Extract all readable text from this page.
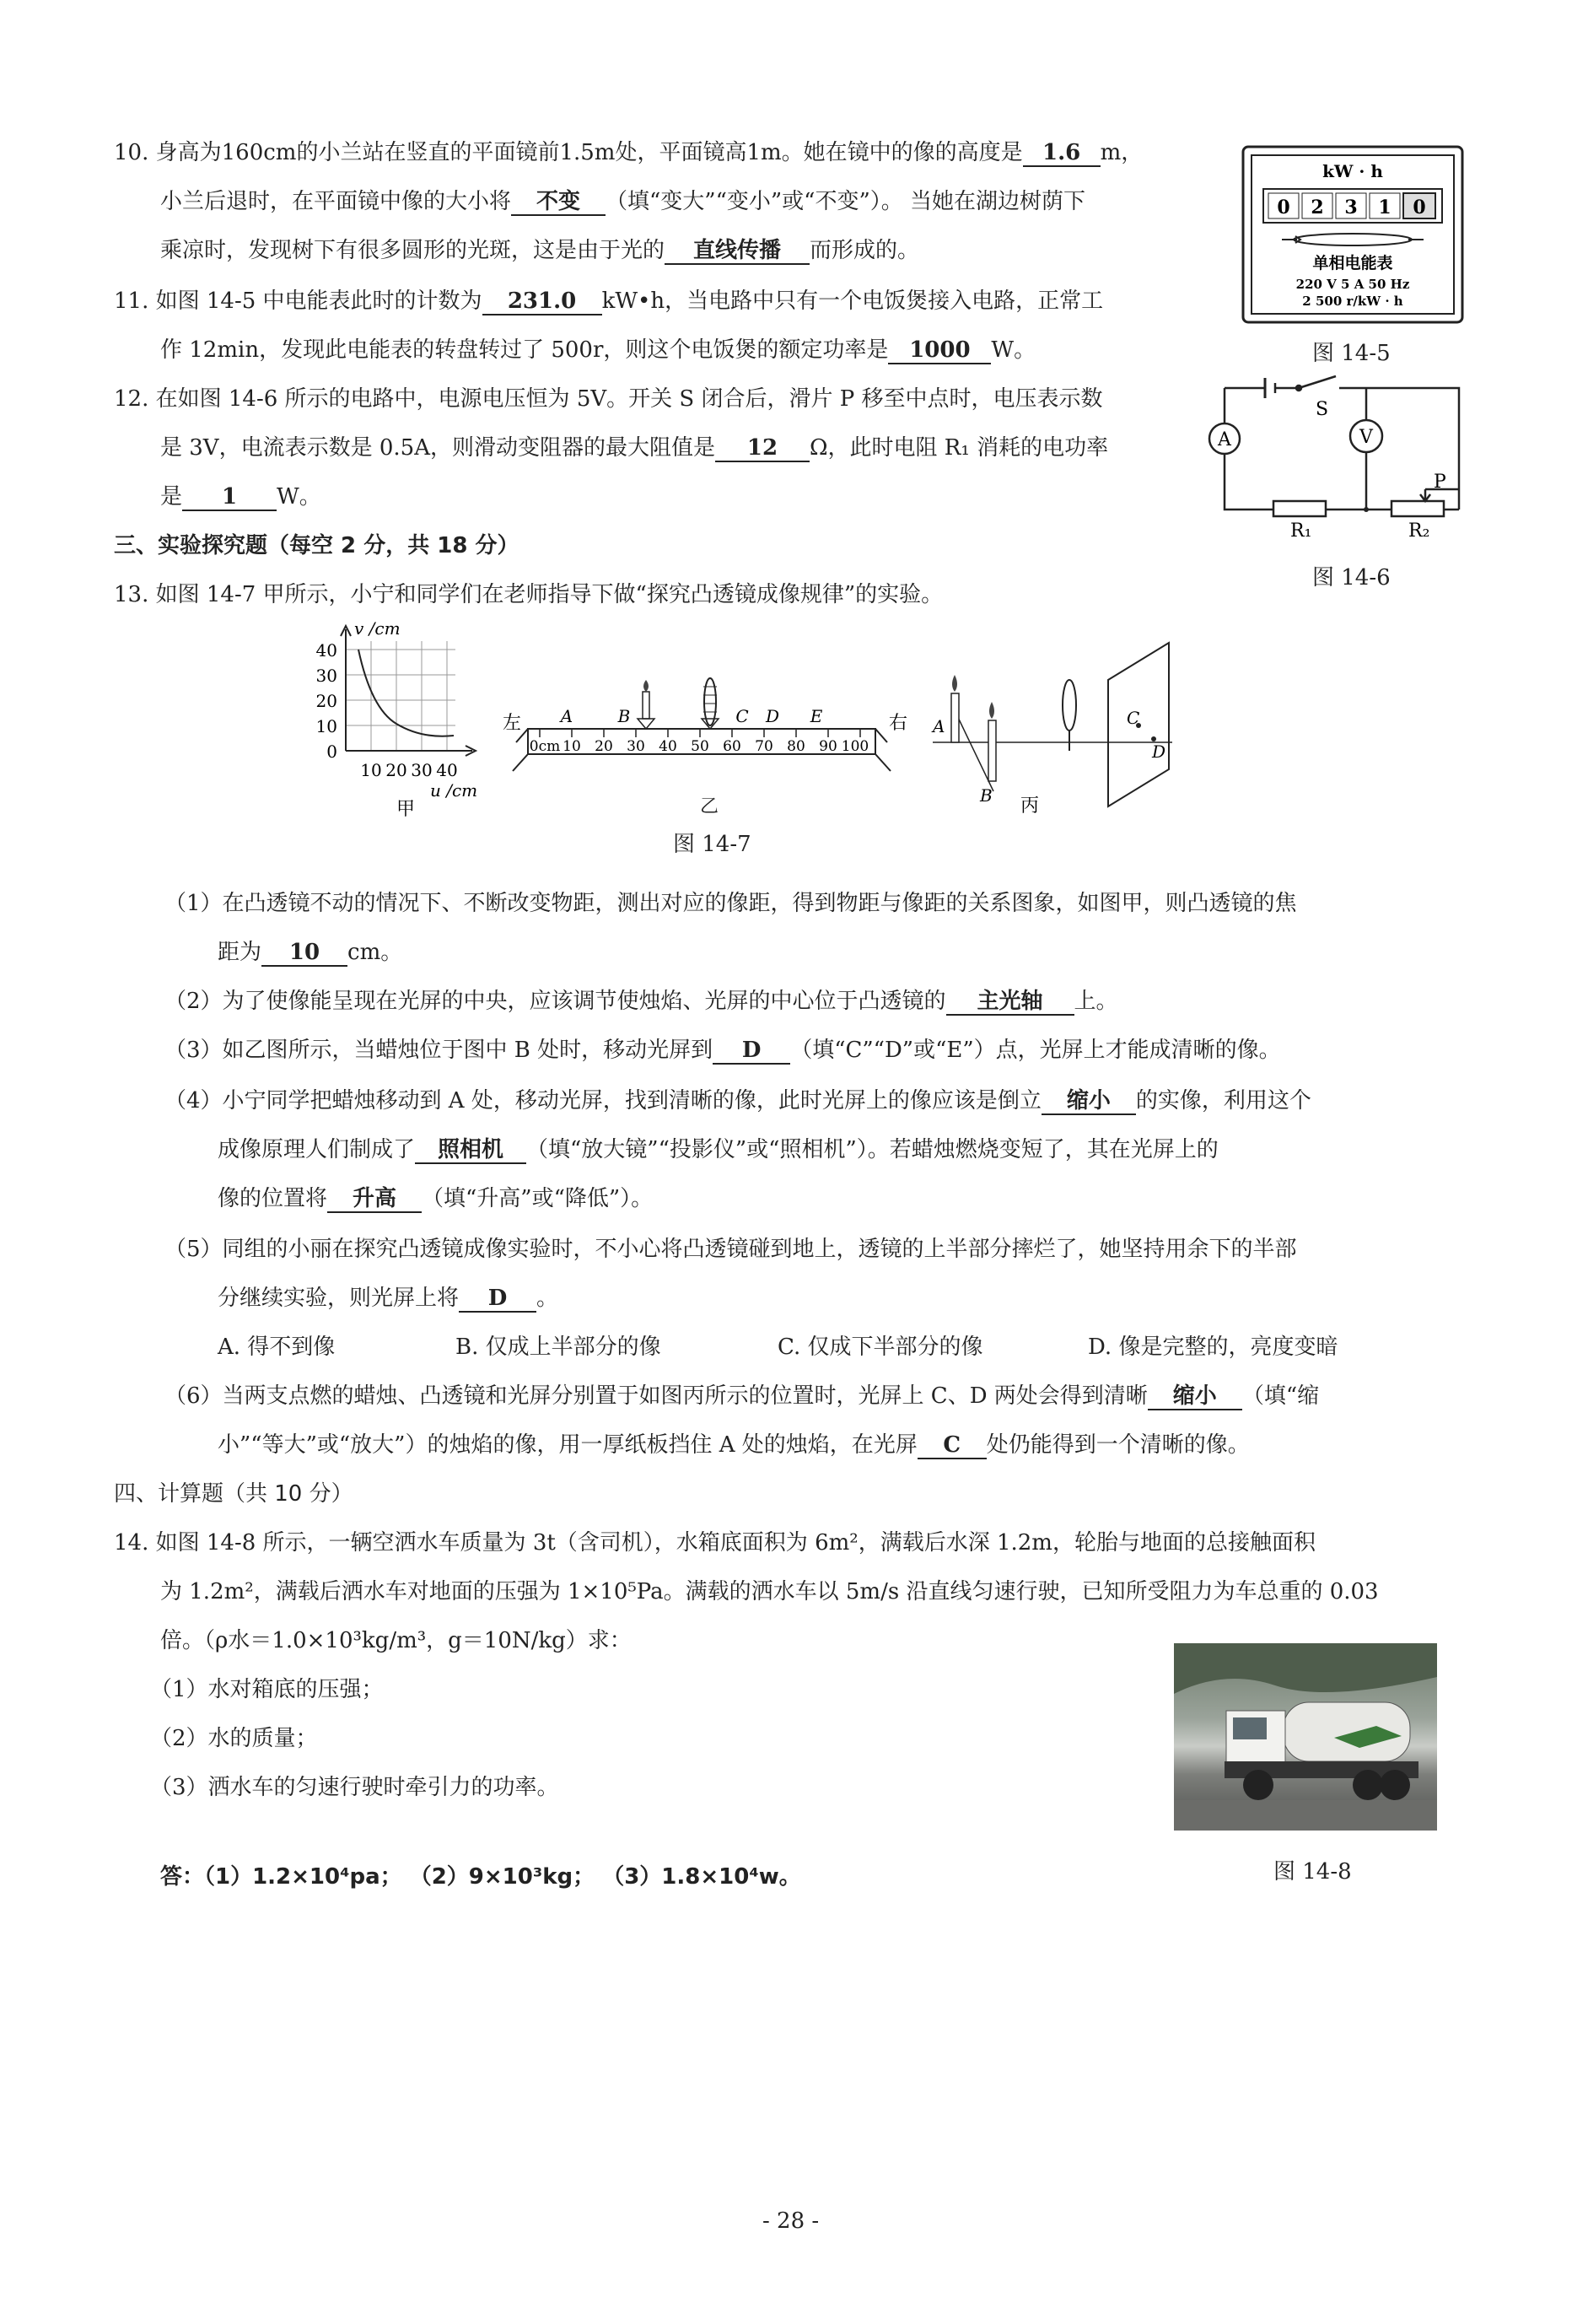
10. 身高为160cm的小兰站在竖直的平面镜前1.5m处，平面镜高1m。她在镜中的像的高度是 1.6 m，
小兰后退时，在平面镜中像的大小将 不变 （填“变大”“变小”或“不变”）。 当她在湖边树荫下
乘凉时，发现树下有很多圆形的光斑，这是由于光的 直线传播 而形成的。
11. 如图 14-5 中电能表此时的计数为 231.0 kW•h，当电路中只有一个电饭煲接入电路，正常工
作 12min，发现此电能表的转盘转过了 500r，则这个电饭煲的额定功率是 1000 W。
12. 在如图 14-6 所示的电路中，电源电压恒为 5V。开关 S 闭合后，滑片 P 移至中点时，电压表示数
是 3V，电流表示数是 0.5A，则滑动变阻器的最大阻值是 12 Ω，此时电阻 R₁ 消耗的电功率
是 1 W。
kW · h
0 2 3 1 0
单相电能表
220 V 5 A 50 Hz
2 500 r/kW · h
图 14-5
A	V
S
P
R₁	R₂
图 14-6
三、实验探究题（每空 2 分，共 18 分）
13. 如图 14-7 甲所示，小宁和同学们在老师指导下做“探究凸透镜成像规律”的实验。
v /cm
40
30
20
10
0
10 20 30 40
u /cm
甲
0cm 10 20 30 40 50 60 70 80 90 100
左	右
A	B	C D E	A
B
C
D
丙
乙
图 14-7
（1）在凸透镜不动的情况下、不断改变物距，测出对应的像距，得到物距与像距的关系图象，如图甲，则凸透镜的焦
距为 10 cm。
（2）为了使像能呈现在光屏的中央，应该调节使烛焰、光屏的中心位于凸透镜的 主光轴 上。
（3）如乙图所示，当蜡烛位于图中 B 处时，移动光屏到 D （填“C”“D”或“E”）点，光屏上才能成清晰的像。
（4）小宁同学把蜡烛移动到 A 处，移动光屏，找到清晰的像，此时光屏上的像应该是倒立 缩小 的实像，利用这个
成像原理人们制成了 照相机 （填“放大镜”“投影仪”或“照相机”）。若蜡烛燃烧变短了，其在光屏上的
像的位置将 升高 （填“升高”或“降低”）。
（5）同组的小丽在探究凸透镜成像实验时，不小心将凸透镜碰到地上，透镜的上半部分摔烂了，她坚持用余下的半部
分继续实验，则光屏上将 D 。
A. 得不到像	B. 仅成上半部分的像	C. 仅成下半部分的像	D. 像是完整的，亮度变暗
（6）当两支点燃的蜡烛、凸透镜和光屏分别置于如图丙所示的位置时，光屏上 C、D 两处会得到清晰 缩小 （填“缩
小”“等大”或“放大”）的烛焰的像，用一厚纸板挡住 A 处的烛焰，在光屏 C 处仍能得到一个清晰的像。
四、计算题（共 10 分）
14. 如图 14-8 所示，一辆空洒水车质量为 3t（含司机），水箱底面积为 6m²，满载后水深 1.2m，轮胎与地面的总接触面积
为 1.2m²，满载后洒水车对地面的压强为 1×10⁵Pa。满载的洒水车以 5m/s 沿直线匀速行驶，已知所受阻力为车总重的 0.03
倍。（ρ水＝1.0×10³kg/m³，g＝10N/kg）求：
（1）水对箱底的压强；
（2）水的质量；
（3）洒水车的匀速行驶时牵引力的功率。
图 14-8
答：（1）1.2×10⁴pa； （2）9×10³kg； （3）1.8×10⁴w。
- 28 -
